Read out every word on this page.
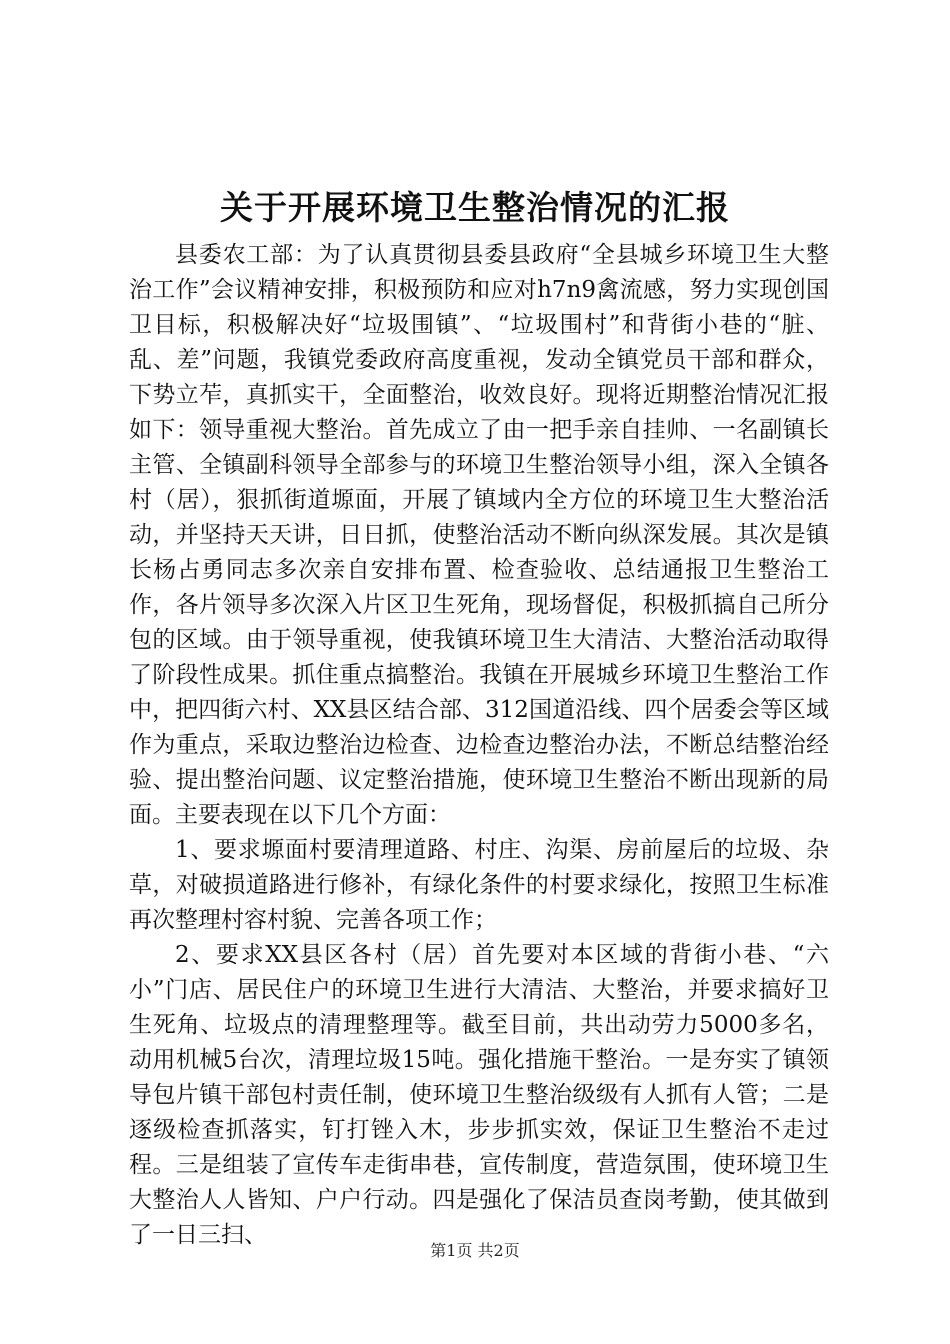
关于开展环境卫生整治情况的汇报

县委农工部：为了认真贯彻县委县政府“全县城乡环境卫生大整治工作”会议精神安排，积极预防和应对h7n9禽流感，努力实现创国卫目标，积极解决好“垃圾围镇”、“垃圾围村”和背街小巷的“脏、乱、差”问题，我镇党委政府高度重视，发动全镇党员干部和群众，下势立苲，真抓实干，全面整治，收效良好。现将近期整治情况汇报如下：领导重视大整治。首先成立了由一把手亲自挂帅、一名副镇长主管、全镇副科领导全部参与的环境卫生整治领导小组，深入全镇各村（居），狠抓街道塬面，开展了镇域内全方位的环境卫生大整治活动，并坚持天天讲，日日抓，使整治活动不断向纵深发展。其次是镇长杨占勇同志多次亲自安排布置、检查验收、总结通报卫生整治工作，各片领导多次深入片区卫生死角，现场督促，积极抓搞自己所分包的区域。由于领导重视，使我镇环境卫生大清洁、大整治活动取得了阶段性成果。抓住重点搞整治。我镇在开展城乡环境卫生整治工作中，把四街六村、XX县区结合部、312国道沿线、四个居委会等区域作为重点，采取边整治边检查、边检查边整治办法，不断总结整治经验、提出整治问题、议定整治措施，使环境卫生整治不断出现新的局面。主要表现在以下几个方面：

1、要求塬面村要清理道路、村庄、沟渠、房前屋后的垃圾、杂草，对破损道路进行修补，有绿化条件的村要求绿化，按照卫生标准再次整理村容村貌、完善各项工作；

2、要求XX县区各村（居）首先要对本区域的背街小巷、“六小”门店、居民住户的环境卫生进行大清洁、大整治，并要求搞好卫生死角、垃圾点的清理整理等。截至目前，共出动劳力5000多名，动用机械5台次，清理垃圾15吨。强化措施干整治。一是夯实了镇领导包片镇干部包村责任制，使环境卫生整治级级有人抓有人管；二是逐级检查抓落实，钉打锉入木，步步抓实效，保证卫生整治不走过程。三是组装了宣传车走街串巷，宣传制度，营造氛围，使环境卫生大整治人人皆知、户户行动。四是强化了保洁员查岗考勤，使其做到了一日三扫、

第1页 共2页
